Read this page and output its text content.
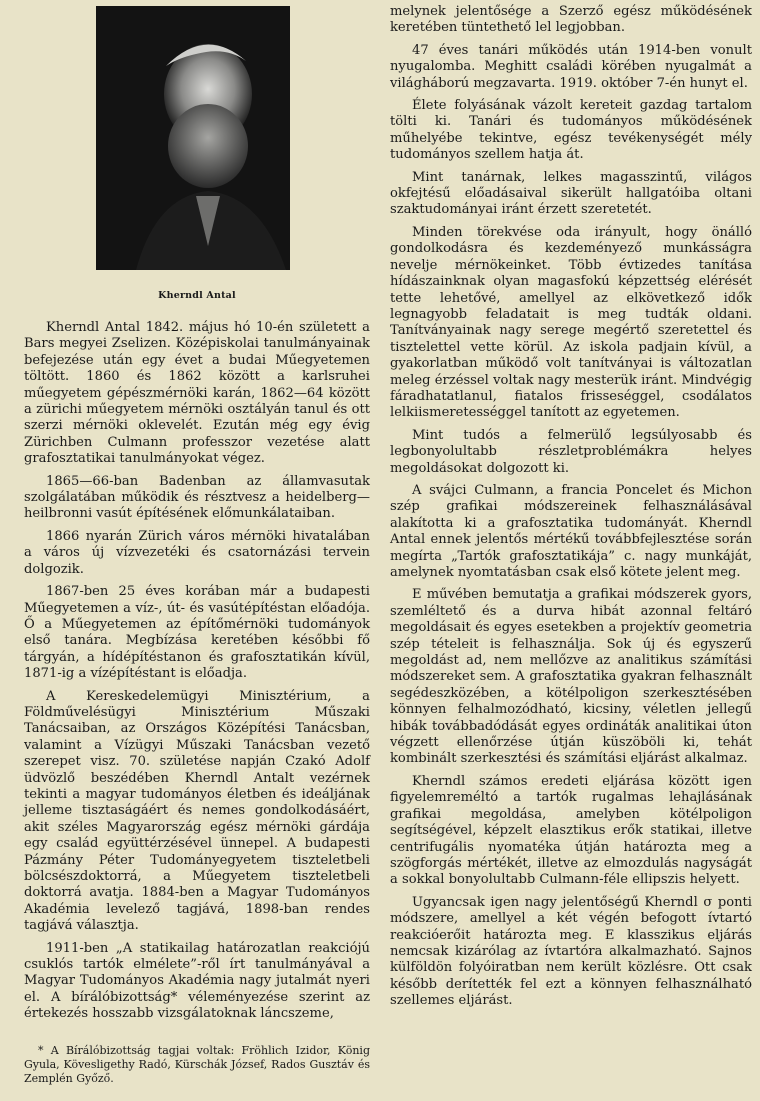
Kherndl Antal

Kherndl Antal 1842. május hó 10-én született a Bars megyei Zselizen. Középiskolai tanulmányainak befejezése után egy évet a budai Műegyetemen töltött. 1860 és 1862 között a karlsruhei műegyetem gépészmérnöki karán, 1862—64 között a zürichi műegyetem mérnöki osztályán tanul és ott szerzi mérnöki oklevelét. Ezután még egy évig Zürichben Culmann professzor vezetése alatt grafosztatikai tanulmányokat végez.

1865—66-ban Badenban az államvasutak szolgálatában működik és résztvesz a heidelberg—heilbronni vasút építésének előmunkálataiban.

1866 nyarán Zürich város mérnöki hivatalában a város új vízvezetéki és csatornázási tervein dolgozik.

1867-ben 25 éves korában már a budapesti Műegyetemen a víz-, út- és vasútépítéstan előadója. Ő a Műegyetemen az építőmérnöki tudományok első tanára. Megbízása keretében későbbi fő tárgyán, a hídépítéstanon és grafosztatikán kívül, 1871-ig a vízépítéstant is előadja.

A Kereskedelemügyi Minisztérium, a Földművelésügyi Minisztérium Műszaki Tanácsaiban, az Országos Középítési Tanácsban, valamint a Vízügyi Műszaki Tanácsban vezető szerepet visz. 70. születése napján Czakó Adolf üdvözlő beszédében Kherndl Antalt vezérnek tekinti a magyar tudományos életben és ideáljának jelleme tisztaságáért és nemes gondolkodásáért, akit széles Magyarország egész mérnöki gárdája egy család együttérzésével ünnepel. A budapesti Pázmány Péter Tudományegyetem tiszteletbeli bölcsészdoktorrá, a Műegyetem tiszteletbeli doktorrá avatja. 1884-ben a Magyar Tudományos Akadémia levelező tagjává, 1898-ban rendes tagjává választja.

1911-ben „A statikailag határozatlan reakciójú csuklós tartók elmélete”-ről írt tanulmányával a Magyar Tudományos Akadémia nagy jutalmát nyeri el. A bírálóbizottság* véleményezése szerint az értekezés hosszabb vizsgálatoknak láncszeme,

* A Bírálóbizottság tagjai voltak: Fröhlich Izidor, König Gyula, Kövesligethy Radó, Kürschák József, Rados Gusztáv és Zemplén Győző.

melynek jelentősége a Szerző egész működésének keretében tüntethető lel legjobban.

47 éves tanári működés után 1914-ben vonult nyugalomba. Meghitt családi körében nyugalmát a világháború megzavarta. 1919. október 7-én hunyt el.

Élete folyásának vázolt kereteit gazdag tartalom tölti ki. Tanári és tudományos működésének műhelyébe tekintve, egész tevékenységét mély tudományos szellem hatja át.

Mint tanárnak, lelkes magasszintű, világos okfejtésű előadásaival sikerült hallgatóiba oltani szaktudományai iránt érzett szeretetét.

Minden törekvése oda irányult, hogy önálló gondolkodásra és kezdeményező munkásságra nevelje mérnökeinket. Több évtizedes tanítása hídászainknak olyan magasfokú képzettség elérését tette lehetővé, amellyel az elkövetkező idők legnagyobb feladatait is meg tudták oldani. Tanítványainak nagy serege megértő szeretettel és tisztelettel vette körül. Az iskola padjain kívül, a gyakorlatban működő volt tanítványai is változatlan meleg érzéssel voltak nagy mesterük iránt. Mindvégig fáradhatatlanul, fiatalos frisseséggel, csodálatos lelkiismeretességgel tanított az egyetemen.

Mint tudós a felmerülő legsúlyosabb és legbonyolultabb részletproblémákra helyes megoldásokat dolgozott ki.

A svájci Culmann, a francia Poncelet és Michon szép grafikai módszereinek felhasználásával alakította ki a grafosztatika tudományát. Kherndl Antal ennek jelentős mértékű továbbfejlesztése során megírta „Tartók grafosztatikája” c. nagy munkáját, amelynek nyomtatásban csak első kötete jelent meg.

E művében bemutatja a grafikai módszerek gyors, szemléltető és a durva hibát azonnal feltáró megoldásait és egyes esetekben a projektív geometria szép tételeit is felhasználja. Sok új és egyszerű megoldást ad, nem mellőzve az analitikus számítási módszereket sem. A grafosztatika gyakran felhasznált segédeszközében, a kötélpoligon szerkesztésében könnyen felhalmozódható, kicsiny, véletlen jellegű hibák továbbadódását egyes ordináták analitikai úton végzett ellenőrzése útján küszöböli ki, tehát kombinált szerkesztési és számítási eljárást alkalmaz.

Kherndl számos eredeti eljárása között igen figyelemreméltó a tartók rugalmas lehajlásának grafikai megoldása, amelyben kötélpoligon segítségével, képzelt elasztikus erők statikai, illetve centrifugális nyomatéka útján határozta meg a szögforgás mértékét, illetve az elmozdulás nagyságát a sokkal bonyolultabb Culmann-féle ellipszis helyett.

Ugyancsak igen nagy jelentőségű Kherndl σ ponti módszere, amellyel a két végén befogott ívtartó reakcióerőit határozta meg. E klasszikus eljárás nemcsak kizárólag az ívtartóra alkalmazható. Sajnos külföldön folyóiratban nem került közlésre. Ott csak később derítették fel ezt a könnyen felhasználható szellemes eljárást.
